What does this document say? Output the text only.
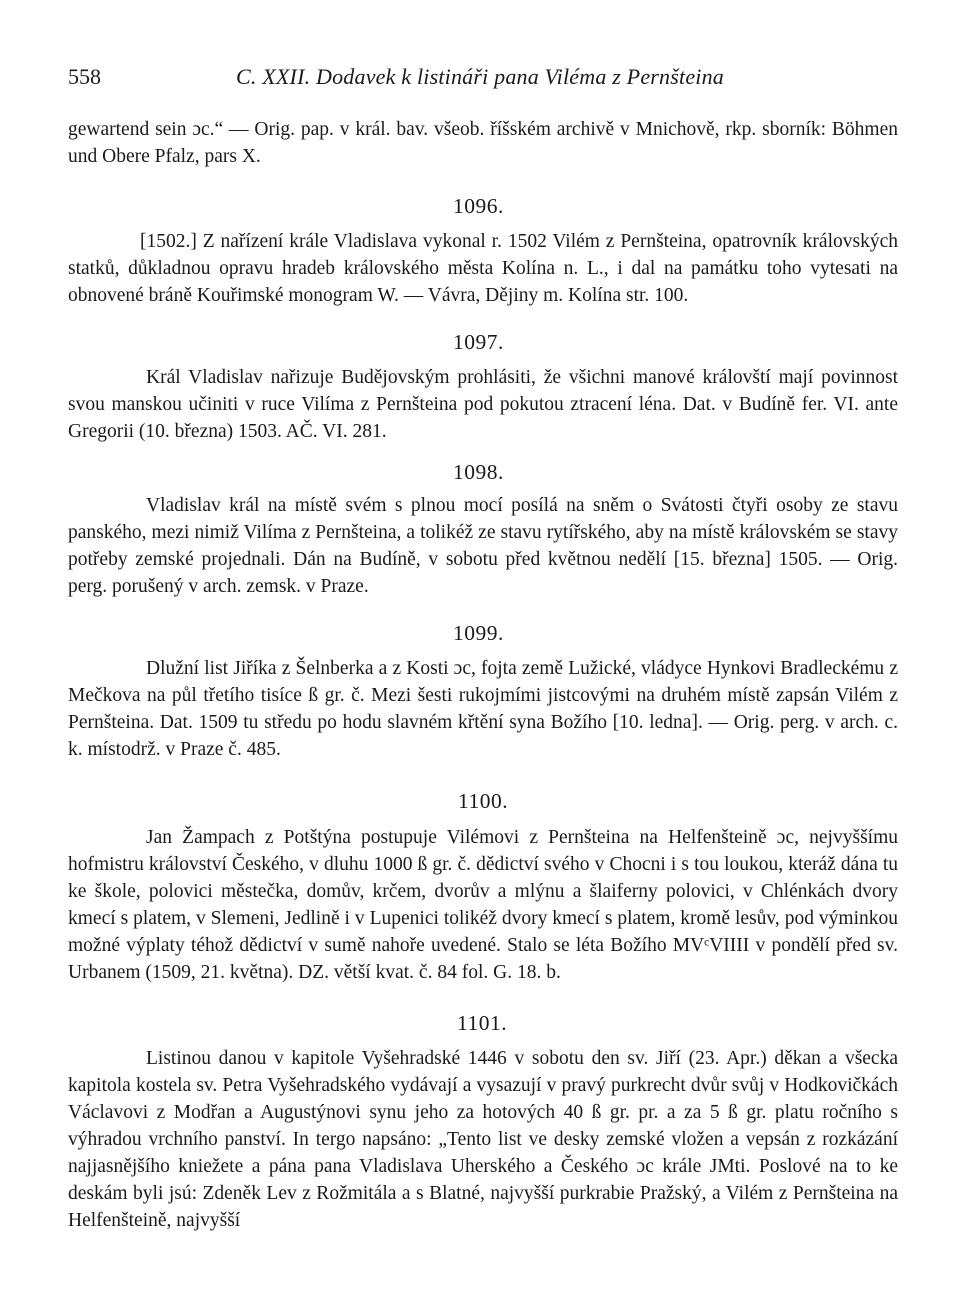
558	C. XXII. Dodavek k listináři pana Viléma z Pernšteina

gewartend sein ɔc.“ — Orig. pap. v král. bav. všeob. říšském archivě v Mnichově, rkp. sborník: Böhmen und Obere Pfalz, pars X.

1096.

[1502.] Z nařízení krále Vladislava vykonal r. 1502 Vilém z Pernšteina, opatrovník královských statků, důkladnou opravu hradeb královského města Kolína n. L., i dal na památku toho vytesati na obnovené bráně Kouřimské monogram W. — Vávra, Dějiny m. Kolína str. 100.

1097.

Král Vladislav nařizuje Budějovským prohlásiti, že všichni manové královští mají povinnost svou manskou učiniti v ruce Vilíma z Pernšteina pod pokutou ztracení léna. Dat. v Budíně fer. VI. ante Gregorii (10. března) 1503. AČ. VI. 281.

1098.

Vladislav král na místě svém s plnou mocí posílá na sněm o Svátosti čtyři osoby ze stavu panského, mezi nimiž Vilíma z Pernšteina, a tolikéž ze stavu rytířského, aby na místě královském se stavy potřeby zemské projednali. Dán na Budíně, v sobotu před květnou nedělí [15. března] 1505. — Orig. perg. porušený v arch. zemsk. v Praze.

1099.

Dlužní list Jiříka z Šelnberka a z Kosti ɔc, fojta země Lužické, vládyce Hynkovi Bradleckému z Mečkova na půl třetího tisíce ß gr. č. Mezi šesti rukojmími jistcovými na druhém místě zapsán Vilém z Pernšteina. Dat. 1509 tu středu po hodu slavném křtění syna Božího [10. ledna]. — Orig. perg. v arch. c. k. místodrž. v Praze č. 485.

1100.

Jan Žampach z Potštýna postupuje Vilémovi z Pernšteina na Helfenšteině ɔc, nejvyššímu hofmistru království Českého, v dluhu 1000 ß gr. č. dědictví svého v Chocni i s tou loukou, kteráž dána tu ke škole, polovici městečka, domův, krčem, dvorův a mlýnu a šlaiferny polovici, v Chlénkách dvory kmecí s platem, v Slemeni, Jedlině i v Lupenici tolikéž dvory kmecí s platem, kromě lesův, pod výminkou možné výplaty téhož dědictví v sumě nahoře uvedené. Stalo se léta Božího MVᶜVIIII v pondělí před sv. Urbanem (1509, 21. května). DZ. větší kvat. č. 84 fol. G. 18. b.

1101.

Listinou danou v kapitole Vyšehradské 1446 v sobotu den sv. Jiří (23. Apr.) děkan a všecka kapitola kostela sv. Petra Vyšehradského vydávají a vysazují v pravý purkrecht dvůr svůj v Hodkovičkách Václavovi z Modřan a Augustýnovi synu jeho za hotových 40 ß gr. pr. a za 5 ß gr. platu ročního s výhradou vrchního panství. In tergo napsáno: „Tento list ve desky zemské vložen a vepsán z rozkázání najjasnějšího kniežete a pána pana Vladislava Uherského a Českého ɔc krále JMti. Poslové na to ke deskám byli jsú: Zdeněk Lev z Rožmitála a s Blatné, najvyšší purkrabie Pražský, a Vilém z Pernšteina na Helfenšteině, najvyšší
